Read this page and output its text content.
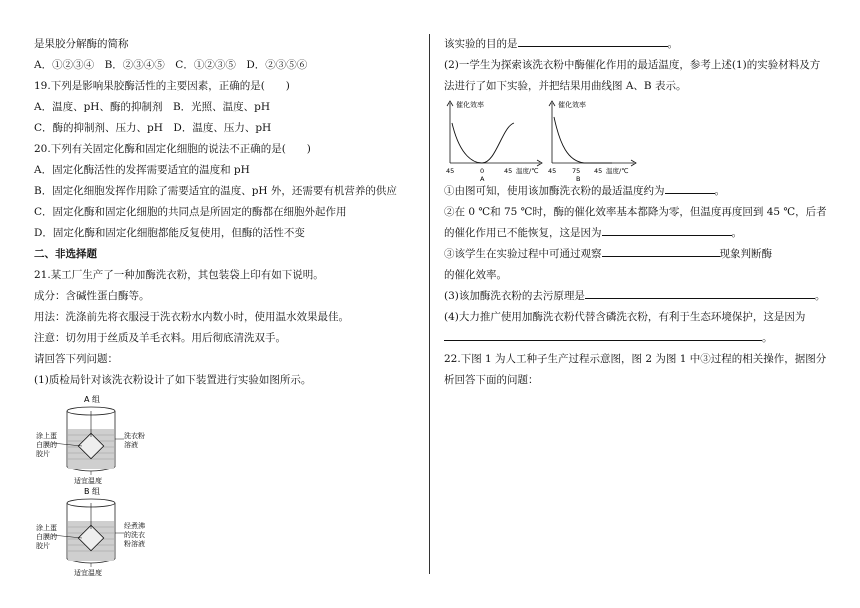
是果胶分解酶的简称
A．①②③④　B．②③④⑤　C．①②③⑤　D．②③⑤⑥
19.下列是影响果胶酶活性的主要因素，正确的是(　　)
A．温度、pH、酶的抑制剂　B．光照、温度、pH
C．酶的抑制剂、压力、pH　D．温度、压力、pH
20.下列有关固定化酶和固定化细胞的说法不正确的是(　　)
A．固定化酶活性的发挥需要适宜的温度和 pH
B．固定化细胞发挥作用除了需要适宜的温度、pH 外，还需要有机营养的供应
C．固定化酶和固定化细胞的共同点是所固定的酶都在细胞外起作用
D．固定化酶和固定化细胞都能反复使用，但酶的活性不变
二、非选择题
21.某工厂生产了一种加酶洗衣粉，其包装袋上印有如下说明。
成分：含碱性蛋白酶等。
用法：洗涤前先将衣服浸于洗衣粉水内数小时，使用温水效果最佳。
注意：切勿用于丝质及羊毛衣料。用后彻底清洗双手。
请回答下列问题：
(1)质检局针对该洗衣粉设计了如下装置进行实验如图所示。
A 组
涂上蛋
白膜的
胶片
洗衣粉
溶液
适宜温度
B 组
涂上蛋
白膜的
胶片
经煮沸
的洗衣
粉溶液
适宜温度
该实验的目的是	。
(2)一学生为探索该洗衣粉中酶催化作用的最适温度，参考上述(1)的实验材料及方
法进行了如下实验，并把结果用曲线图 A、B 表示。
催化效率
45	0	45 温度/℃
A
催化效率
45 75 45 温度/℃
B
①由图可知，使用该加酶洗衣粉的最适温度约为	。
②在 0 ℃和 75 ℃时，酶的催化效率基本都降为零，但温度再度回到 45 ℃，后者
的催化作用已不能恢复，这是因为	。
③该学生在实验过程中可通过观察	现象判断酶
的催化效率。
(3)该加酶洗衣粉的去污原理是	。
(4)大力推广使用加酶洗衣粉代替含磷洗衣粉，有利于生态环境保护，这是因为
。
22.下图 1 为人工种子生产过程示意图，图 2 为图 1 中③过程的相关操作，据图分
析回答下面的问题：
